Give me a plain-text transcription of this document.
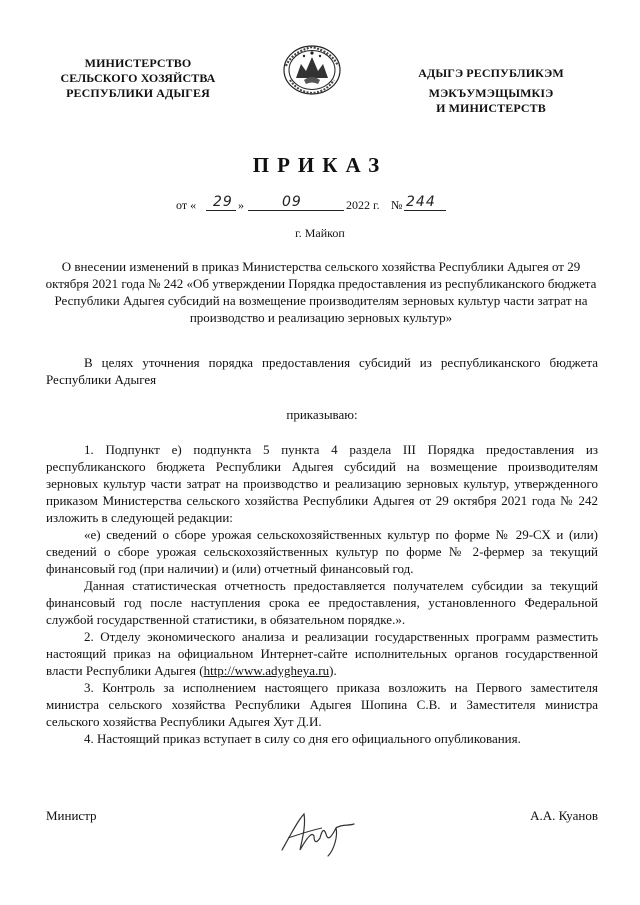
МИНИСТЕРСТВО
СЕЛЬСКОГО ХОЗЯЙСТВА
РЕСПУБЛИКИ АДЫГЕЯ
АДЫГЭ РЕСПУБЛИКЭМ
МЭКЪУМЭЩЫМКIЭ
И МИНИСТЕРСТВ
ПРИКАЗ
от « 29 »	09	2022 г. № 244
г. Майкоп
О внесении изменений в приказ Министерства сельского хозяйства Республики Адыгея от 29 октября 2021 года № 242 «Об утверждении Порядка предоставления из республиканского бюджета Республики Адыгея субсидий на возмещение производителям зерновых культур части затрат на производство и реализацию зерновых культур»

В целях уточнения порядка предоставления субсидий из республиканского бюджета Республики Адыгея

приказываю:

1. Подпункт е) подпункта 5 пункта 4 раздела III Порядка предоставления из республиканского бюджета Республики Адыгея субсидий на возмещение производителям зерновых культур части затрат на производство и реализацию зерновых культур, утвержденного приказом Министерства сельского хозяйства Республики Адыгея от 29 октября 2021 года № 242 изложить в следующей редакции:

«е) сведений о сборе урожая сельскохозяйственных культур по форме № 29-СХ и (или) сведений о сборе урожая сельскохозяйственных культур по форме № 2-фермер за текущий финансовый год (при наличии) и (или) отчетный финансовый год.

Данная статистическая отчетность предоставляется получателем субсидии за текущий финансовый год после наступления срока ее предоставления, установленного Федеральной службой государственной статистики, в обязательном порядке.».

2. Отделу экономического анализа и реализации государственных программ разместить настоящий приказ на официальном Интернет-сайте исполнительных органов государственной власти Республики Адыгея (http://www.adygheya.ru).

3. Контроль за исполнением настоящего приказа возложить на Первого заместителя министра сельского хозяйства Республики Адыгея Шопина С.В. и Заместителя министра сельского хозяйства Республики Адыгея Хут Д.И.

4. Настоящий приказ вступает в силу со дня его официального опубликования.

Министр	А.А. Куанов
